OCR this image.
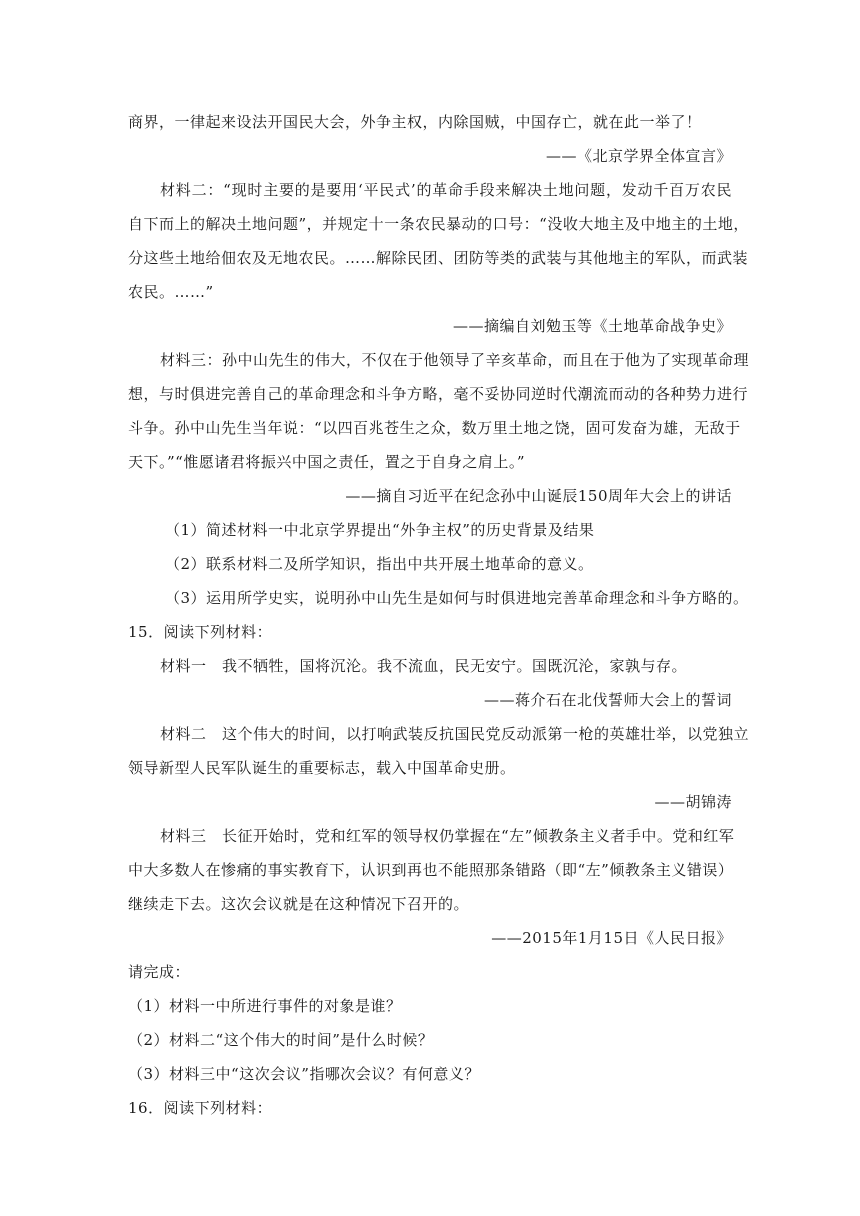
商界，一律起来设法开国民大会，外争主权，内除国贼，中国存亡，就在此一举了！
——《北京学界全体宣言》
材料二：“现时主要的是要用‘平民式’的革命手段来解决土地问题，发动千百万农民
自下而上的解决土地问题”，并规定十一条农民暴动的口号：“没收大地主及中地主的土地，
分这些土地给佃农及无地农民。……解除民团、团防等类的武装与其他地主的军队，而武装
农民。……”
——摘编自刘勉玉等《土地革命战争史》
材料三：孙中山先生的伟大，不仅在于他领导了辛亥革命，而且在于他为了实现革命理
想，与时俱进完善自己的革命理念和斗争方略，毫不妥协同逆时代潮流而动的各种势力进行
斗争。孙中山先生当年说：“以四百兆苍生之众，数万里土地之饶，固可发奋为雄，无敌于
天下。”“惟愿诸君将振兴中国之责任，置之于自身之肩上。”
——摘自习近平在纪念孙中山诞辰150周年大会上的讲话
（1）简述材料一中北京学界提出“外争主权”的历史背景及结果
（2）联系材料二及所学知识，指出中共开展土地革命的意义。
（3）运用所学史实，说明孙中山先生是如何与时俱进地完善革命理念和斗争方略的。
15．阅读下列材料：
材料一　我不牺牲，国将沉沦。我不流血，民无安宁。国既沉沦，家孰与存。
——蒋介石在北伐誓师大会上的誓词
材料二　这个伟大的时间，以打响武装反抗国民党反动派第一枪的英雄壮举，以党独立
领导新型人民军队诞生的重要标志，载入中国革命史册。
——胡锦涛
材料三　长征开始时，党和红军的领导权仍掌握在“左”倾教条主义者手中。党和红军
中大多数人在惨痛的事实教育下，认识到再也不能照那条错路（即“左”倾教条主义错误）
继续走下去。这次会议就是在这种情况下召开的。
——2015年1月15日《人民日报》
请完成：
（1）材料一中所进行事件的对象是谁？
（2）材料二“这个伟大的时间”是什么时候？
（3）材料三中“这次会议”指哪次会议？有何意义？
16．阅读下列材料：
